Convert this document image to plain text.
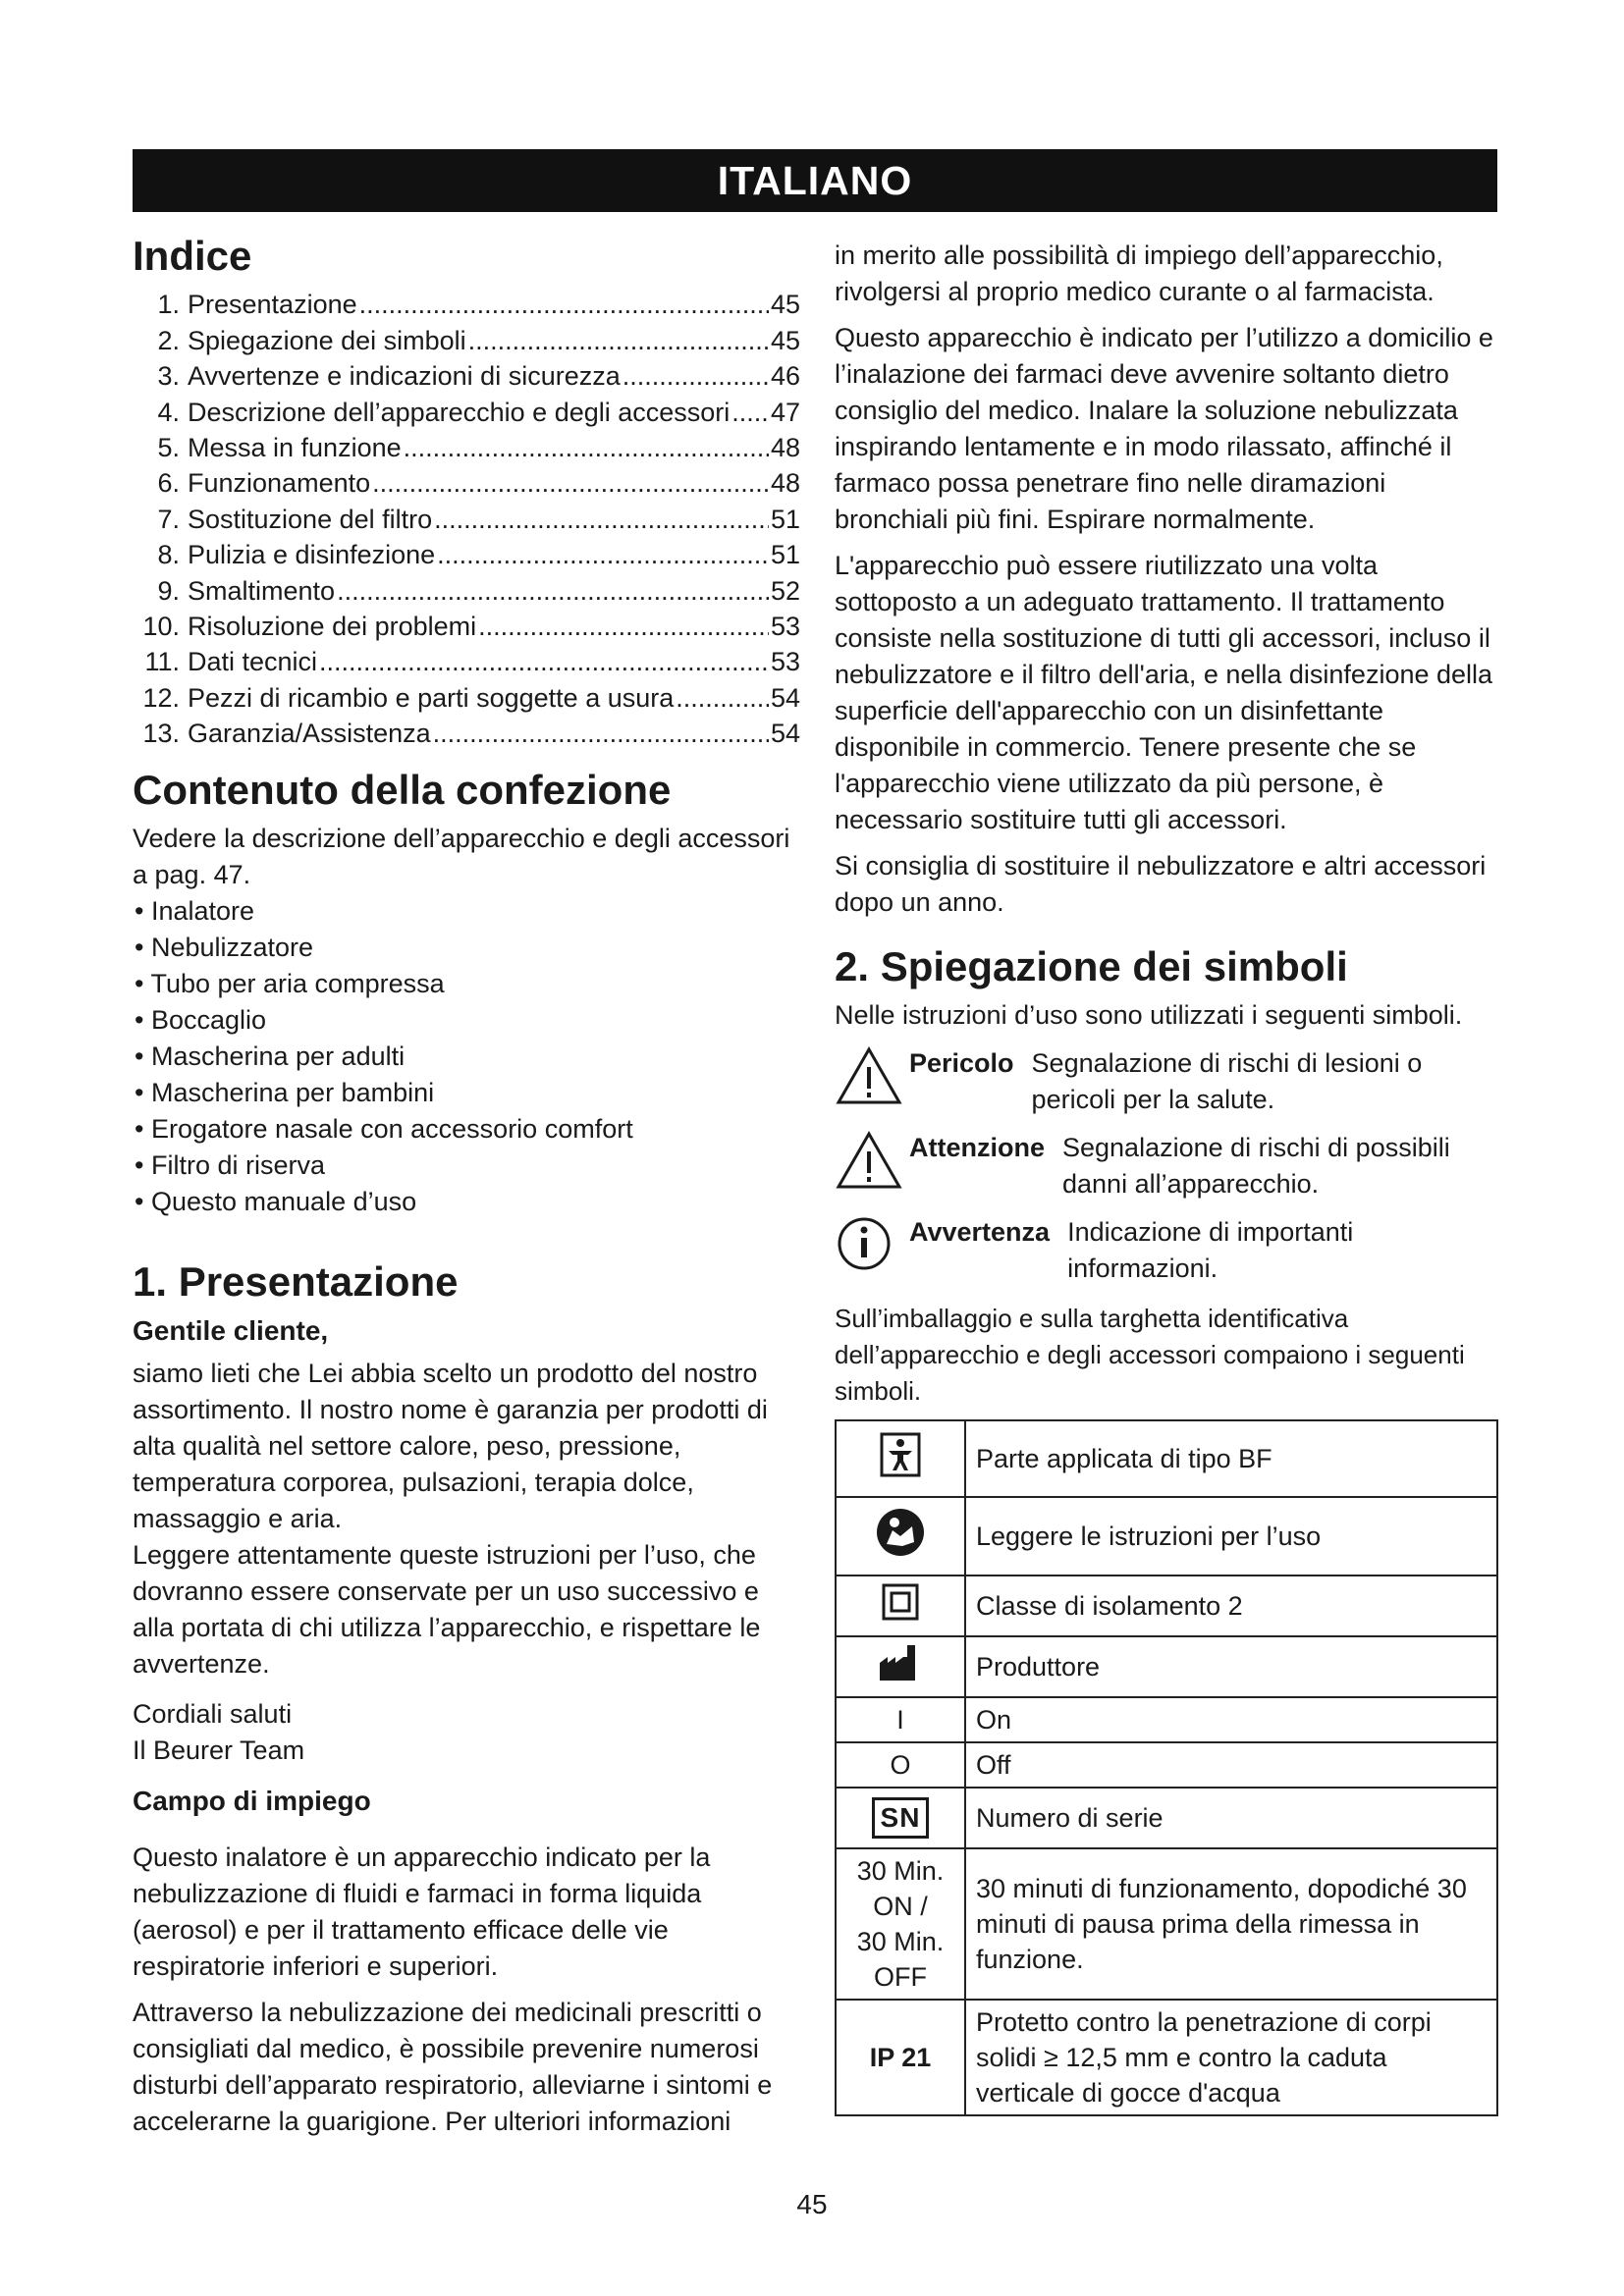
ITALIANO
Indice
1. Presentazione .....	45
2. Spiegazione dei simboli .....	45
3. Avvertenze e indicazioni di sicurezza .....	46
4. Descrizione dell’apparecchio e degli accessori ..... 47
5. Messa in funzione .....	48
6. Funzionamento .....	48
7. Sostituzione del filtro .....	51
8. Pulizia e disinfezione .....	51
9. Smaltimento .....	52
10. Risoluzione dei problemi .....	53
11. Dati tecnici .....	53
12. Pezzi di ricambio e parti soggette a usura .....	54
13. Garanzia/Assistenza .....	54
Contenuto della confezione

Vedere la descrizione dell’apparecchio e degli accessori a pag. 47.

• Inalatore
• Nebulizzatore
• Tubo per aria compressa
• Boccaglio
• Mascherina per adulti
• Mascherina per bambini
• Erogatore nasale con accessorio comfort
• Filtro di riserva
• Questo manuale d’uso
1. Presentazione
Gentile cliente,

siamo lieti che Lei abbia scelto un prodotto del nostro assortimento. Il nostro nome è garanzia per prodotti di alta qualità nel settore calore, peso, pressione, temperatura corporea, pulsazioni, terapia dolce, massaggio e aria.

Leggere attentamente queste istruzioni per l’uso, che dovranno essere conservate per un uso successivo e alla portata di chi utilizza l’apparecchio, e rispettare le avvertenze.

Cordiali saluti

Il Beurer Team

Campo di impiego

Questo inalatore è un apparecchio indicato per la nebulizzazione di fluidi e farmaci in forma liquida (aerosol) e per il trattamento efficace delle vie respiratorie inferiori e superiori.

Attraverso la nebulizzazione dei medicinali prescritti o consigliati dal medico, è possibile prevenire numerosi disturbi dell’apparato respiratorio, alleviarne i sintomi e accelerarne la guarigione. Per ulteriori informazioni

in merito alle possibilità di impiego dell’apparecchio, rivolgersi al proprio medico curante o al farmacista.

Questo apparecchio è indicato per l’utilizzo a domicilio e l’inalazione dei farmaci deve avvenire soltanto dietro consiglio del medico. Inalare la soluzione nebulizzata inspirando lentamente e in modo rilassato, affinché il farmaco possa penetrare fino nelle diramazioni bronchiali più fini. Espirare normalmente.

L'apparecchio può essere riutilizzato una volta sottoposto a un adeguato trattamento. Il trattamento consiste nella sostituzione di tutti gli accessori, incluso il nebulizzatore e il filtro dell'aria, e nella disinfezione della superficie dell'apparecchio con un disinfettante disponibile in commercio. Tenere presente che se l'apparecchio viene utilizzato da più persone, è necessario sostituire tutti gli accessori.

Si consiglia di sostituire il nebulizzatore e altri accessori dopo un anno.

2. Spiegazione dei simboli

Nelle istruzioni d’uso sono utilizzati i seguenti simboli.

Pericolo Segnalazione di rischi di lesioni o pericoli per la salute.
Attenzione Segnalazione di rischi di possibili danni all’apparecchio.
Avvertenza Indicazione di importanti informazioni.

Sull’imballaggio e sulla targhetta identificativa dell’apparecchio e degli accessori compaiono i seguenti simboli.

	Parte applicata di tipo BF
	Leggere le istruzioni per l’uso
	Classe di isolamento 2
	Produttore
I	On
O	Off
SN	Numero di serie

30 Min. ON /
30 Min. OFF	30 minuti di funzionamento, dopodiché 30 minuti di pausa prima della rimessa in funzione.
IP 21	Protetto contro la penetrazione di corpi solidi ≥ 12,5 mm e contro la caduta verticale di gocce d'acqua
45
